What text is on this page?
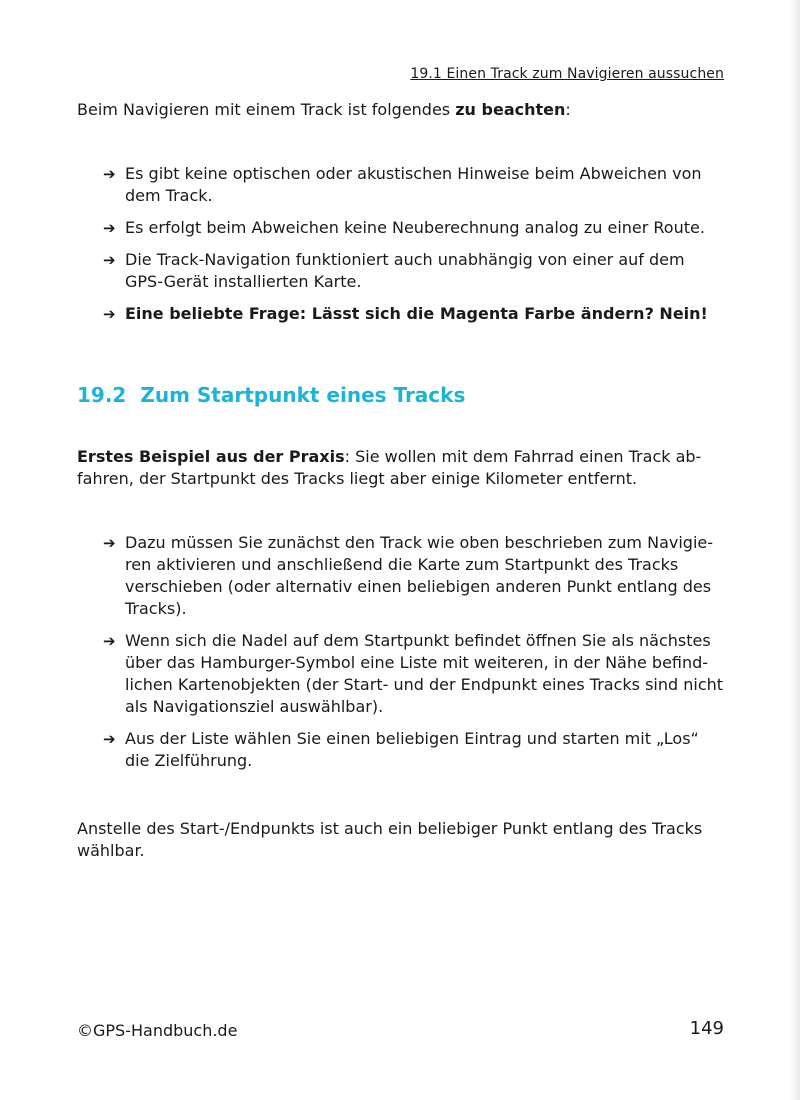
19.1 Einen Track zum Navigieren aussuchen

Beim Navigieren mit einem Track ist folgendes zu beachten:

➔ Es gibt keine optischen oder akustischen Hinweise beim Abweichen von dem Track.
➔ Es erfolgt beim Abweichen keine Neuberechnung analog zu einer Route.
➔ Die Track-Navigation funktioniert auch unabhängig von einer auf dem GPS-Gerät installierten Karte.
➔ Eine beliebte Frage: Lässt sich die Magenta Farbe ändern? Nein!
19.2 Zum Startpunkt eines Tracks

Erstes Beispiel aus der Praxis: Sie wollen mit dem Fahrrad einen Track ab-fahren, der Startpunkt des Tracks liegt aber einige Kilometer entfernt.

➔ Dazu müssen Sie zunächst den Track wie oben beschrieben zum Navigie-ren aktivieren und anschließend die Karte zum Startpunkt des Tracks verschieben (oder alternativ einen beliebigen anderen Punkt entlang des Tracks).
➔ Wenn sich die Nadel auf dem Startpunkt befindet öffnen Sie als nächstes über das Hamburger-Symbol eine Liste mit weiteren, in der Nähe befind-lichen Kartenobjekten (der Start- und der Endpunkt eines Tracks sind nicht als Navigationsziel auswählbar).
➔ Aus der Liste wählen Sie einen beliebigen Eintrag und starten mit „Los“ die Zielführung.

Anstelle des Start-/Endpunkts ist auch ein beliebiger Punkt entlang des Tracks wählbar.

©GPS-Handbuch.de	149
